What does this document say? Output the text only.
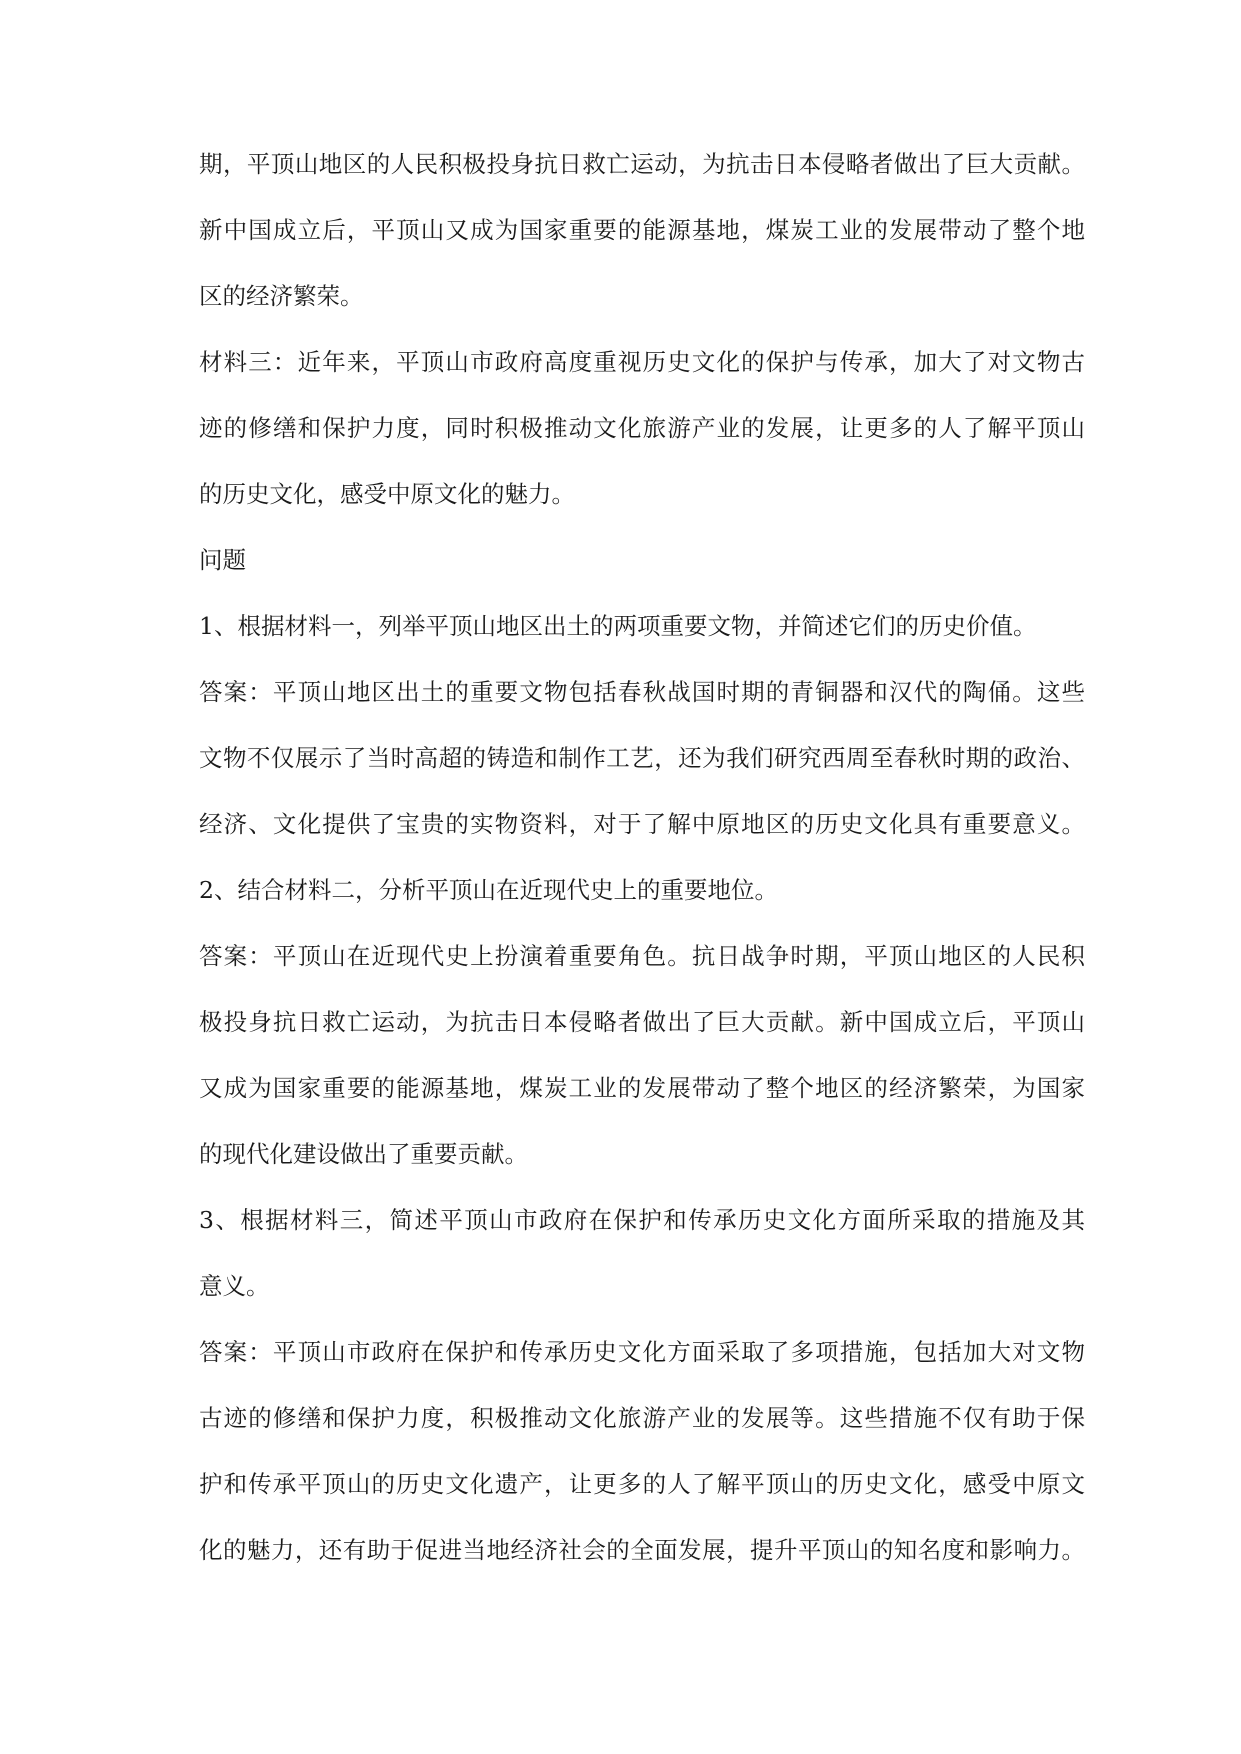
期，平顶山地区的人民积极投身抗日救亡运动，为抗击日本侵略者做出了巨大贡献。
新中国成立后，平顶山又成为国家重要的能源基地，煤炭工业的发展带动了整个地
区的经济繁荣。
材料三：近年来，平顶山市政府高度重视历史文化的保护与传承，加大了对文物古
迹的修缮和保护力度，同时积极推动文化旅游产业的发展，让更多的人了解平顶山
的历史文化，感受中原文化的魅力。
问题
1、根据材料一，列举平顶山地区出土的两项重要文物，并简述它们的历史价值。
答案：平顶山地区出土的重要文物包括春秋战国时期的青铜器和汉代的陶俑。这些
文物不仅展示了当时高超的铸造和制作工艺，还为我们研究西周至春秋时期的政治、
经济、文化提供了宝贵的实物资料，对于了解中原地区的历史文化具有重要意义。
2、结合材料二，分析平顶山在近现代史上的重要地位。
答案：平顶山在近现代史上扮演着重要角色。抗日战争时期，平顶山地区的人民积
极投身抗日救亡运动，为抗击日本侵略者做出了巨大贡献。新中国成立后，平顶山
又成为国家重要的能源基地，煤炭工业的发展带动了整个地区的经济繁荣，为国家
的现代化建设做出了重要贡献。
3、根据材料三，简述平顶山市政府在保护和传承历史文化方面所采取的措施及其
意义。
答案：平顶山市政府在保护和传承历史文化方面采取了多项措施，包括加大对文物
古迹的修缮和保护力度，积极推动文化旅游产业的发展等。这些措施不仅有助于保
护和传承平顶山的历史文化遗产，让更多的人了解平顶山的历史文化，感受中原文
化的魅力，还有助于促进当地经济社会的全面发展，提升平顶山的知名度和影响力。
